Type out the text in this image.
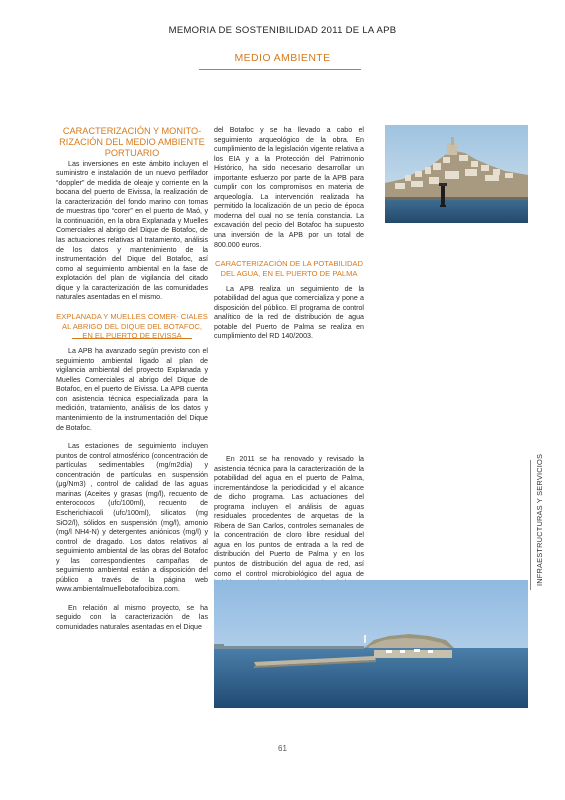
MEMORIA DE SOSTENIBILIDAD 2011 DE LA APB
MEDIO AMBIENTE

CARACTERIZACIÓN Y MONITO- RIZACIÓN DEL MEDIO AMBIENTE PORTUARIO

Las inversiones en este ámbito incluyen el suministro e instalación de un nuevo perfilador “doppler” de medida de oleaje y corriente en la bocana del puerto de Eivissa, la realización de la caracterización del fondo marino con tomas de muestras tipo “corer” en el puerto de Maó, y la continuación, en la obra Explanada y Muelles Comerciales al abrigo del Dique de Botafoc, de las actuaciones relativas al tratamiento, análisis de los datos y mantenimiento de la instrumentación del Dique del Botafoc, así como al seguimiento ambiental en la fase de explotación del plan de vigilancia del citado dique y la caracterización de las comunidades naturales asentadas en el mismo.

EXPLANADA Y MUELLES COMER- CIALES AL ABRIGO DEL DIQUE DEL BOTAFOC, EN EL PUERTO DE EIVISSA

La APB ha avanzado según previsto con el seguimiento ambiental ligado al plan de vigilancia ambiental del proyecto Explanada y Muelles Comerciales al abrigo del Dique de Botafoc, en el puerto de Eivissa. La APB cuenta con asistencia técnica especializada para la medición, tratamiento, análisis de los datos y mantenimiento de la instrumentación del Dique de Botafoc.

Las estaciones de seguimiento incluyen puntos de control atmosférico (concentración de partículas sedimentables (mg/m2día) y concentración de partículas en suspensión (μg/Nm3) , control de calidad de las aguas marinas (Aceites y grasas (mg/l), recuento de enterococos (ufc/100ml), recuento de Escherichiacoli (ufc/100ml), silicatos (mg SiO2/l), sólidos en suspensión (mg/l), amonio (mg/l NH4-N) y detergentes aniónicos (mg/l) y control de dragado. Los datos relativos al seguimiento ambiental de las obras del Botafoc y las correspondientes campañas de seguimiento ambiental están a disposición del público a través de la página web www.ambientalmuellebotafocibiza.com.

En relación al mismo proyecto, se ha seguido con la caracterización de las comunidades naturales asentadas en el Dique

del Botafoc y se ha llevado a cabo el seguimiento arqueológico de la obra. En cumplimiento de la legislación vigente relativa a los EIA y a la Protección del Patrimonio Histórico, ha sido necesario desarrollar un importante esfuerzo por parte de la APB para cumplir con los compromisos en materia de arqueología. La intervención realizada ha permitido la localización de un pecio de época moderna del cual no se tenía constancia. La excavación del pecio del Botafoc ha supuesto una inversión de la APB por un total de 800.000 euros.

CARACTERIZACIÓN DE LA POTABILIDAD DEL AGUA, EN EL PUERTO DE PALMA

La APB realiza un seguimiento de la potabilidad del agua que comercializa y pone a disposición del público. El programa de control analítico de la red de distribución de agua potable del Puerto de Palma se realiza en cumplimiento del RD 140/2003.

En 2011 se ha renovado y revisado la asistencia técnica para la caracterización de la potabilidad del agua en el puerto de Palma, incrementándose la periodicidad y el alcance de dicho programa. Las actuaciones del programa incluyen el análisis de aguas residuales procedentes de arquetas de la Ribera de San Carlos, controles semanales de la concentración de cloro libre residual del agua en los puntos de entrada a la red de distribución del Puerto de Palma y en los puntos de distribución del agua de red, así como el control microbiológico del agua de	INFRAESTRUCTURAS Y SERVICIOS
61
